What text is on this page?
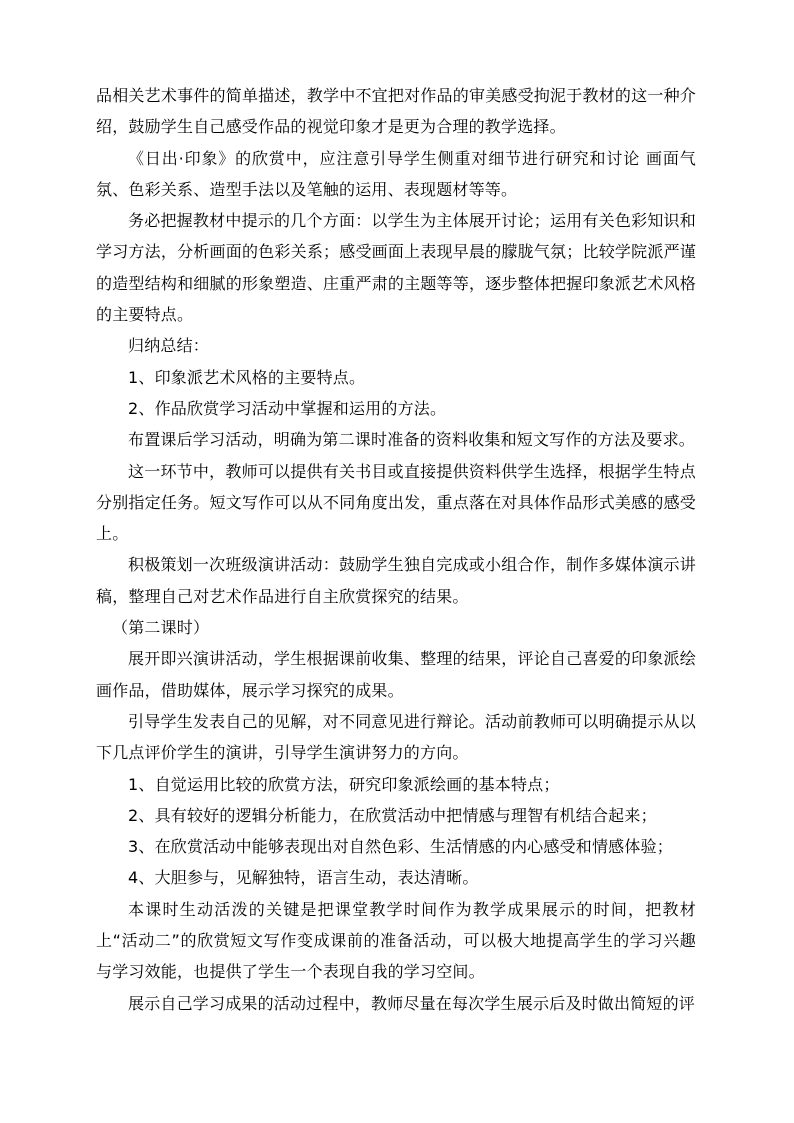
品相关艺术事件的简单描述，教学中不宜把对作品的审美感受拘泥于教材的这一种介绍，鼓励学生自己感受作品的视觉印象才是更为合理的教学选择。

《日出·印象》的欣赏中，应注意引导学生侧重对细节进行研究和讨论 画面气氛、色彩关系、造型手法以及笔触的运用、表现题材等等。

务必把握教材中提示的几个方面：以学生为主体展开讨论；运用有关色彩知识和学习方法，分析画面的色彩关系；感受画面上表现早晨的朦胧气氛；比较学院派严谨的造型结构和细腻的形象塑造、庄重严肃的主题等等，逐步整体把握印象派艺术风格的主要特点。

归纳总结：

1、印象派艺术风格的主要特点。

2、作品欣赏学习活动中掌握和运用的方法。

布置课后学习活动，明确为第二课时准备的资料收集和短文写作的方法及要求。

这一环节中，教师可以提供有关书目或直接提供资料供学生选择，根据学生特点分别指定任务。短文写作可以从不同角度出发，重点落在对具体作品形式美感的感受上。

积极策划一次班级演讲活动：鼓励学生独自完成或小组合作，制作多媒体演示讲稿，整理自己对艺术作品进行自主欣赏探究的结果。

（第二课时）

展开即兴演讲活动，学生根据课前收集、整理的结果，评论自己喜爱的印象派绘画作品，借助媒体，展示学习探究的成果。

引导学生发表自己的见解，对不同意见进行辩论。活动前教师可以明确提示从以下几点评价学生的演讲，引导学生演讲努力的方向。

1、自觉运用比较的欣赏方法，研究印象派绘画的基本特点；

2、具有较好的逻辑分析能力，在欣赏活动中把情感与理智有机结合起来；

3、在欣赏活动中能够表现出对自然色彩、生活情感的内心感受和情感体验；

4、大胆参与，见解独特，语言生动，表达清晰。

本课时生动活泼的关键是把课堂教学时间作为教学成果展示的时间，把教材上“活动二”的欣赏短文写作变成课前的准备活动，可以极大地提高学生的学习兴趣与学习效能，也提供了学生一个表现自我的学习空间。

展示自己学习成果的活动过程中，教师尽量在每次学生展示后及时做出简短的评
